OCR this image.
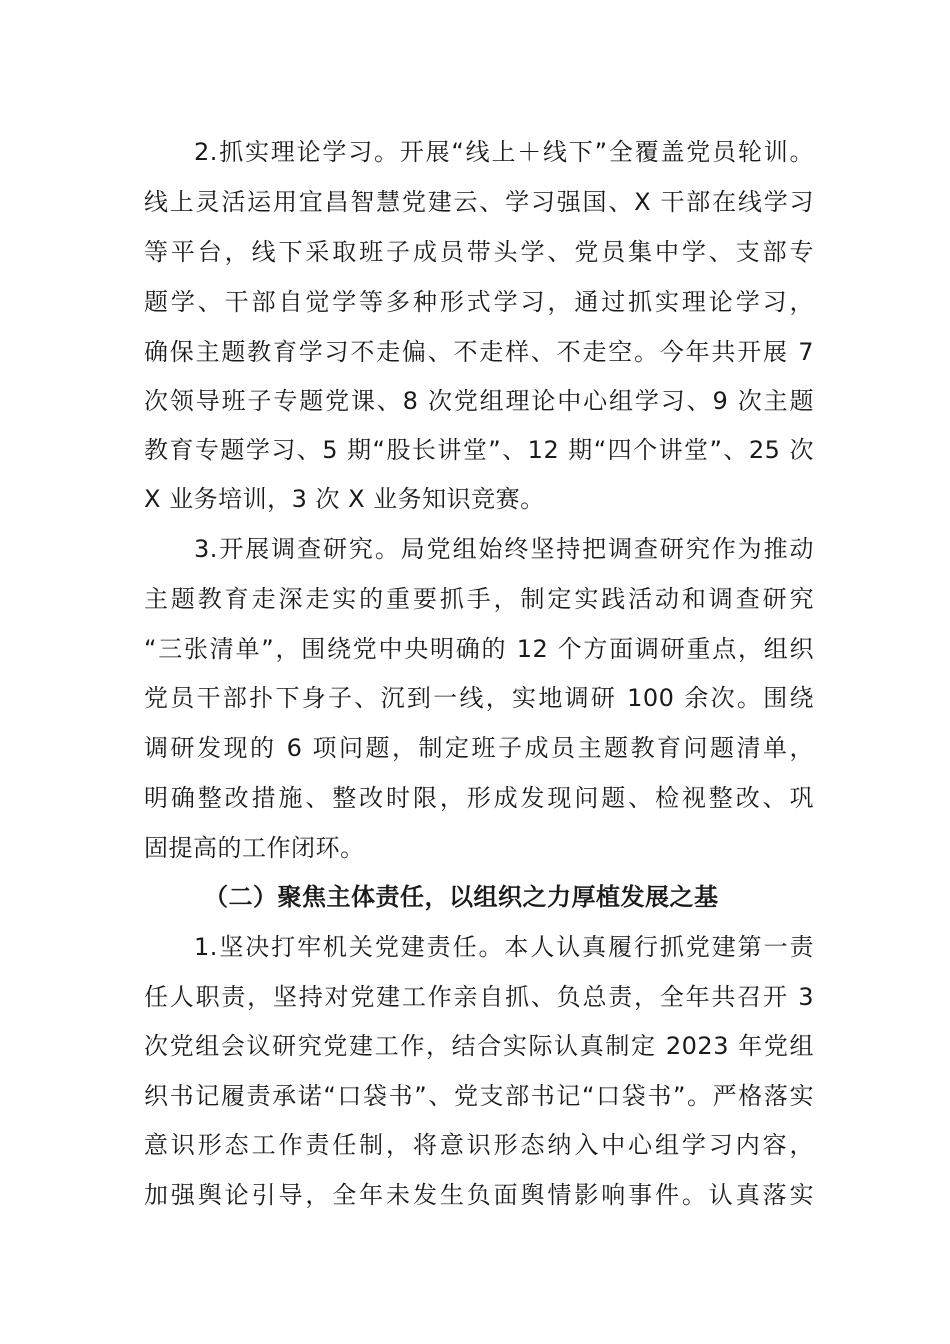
2.抓实理论学习。开展“线上＋线下”全覆盖党员轮训。
线上灵活运用宜昌智慧党建云、学习强国、X 干部在线学习
等平台，线下采取班子成员带头学、党员集中学、支部专
题学、干部自觉学等多种形式学习，通过抓实理论学习，
确保主题教育学习不走偏、不走样、不走空。今年共开展 7
次领导班子专题党课、8 次党组理论中心组学习、9 次主题
教育专题学习、5 期“股长讲堂”、12 期“四个讲堂”、25 次
X 业务培训，3 次 X 业务知识竞赛。
3.开展调查研究。局党组始终坚持把调查研究作为推动
主题教育走深走实的重要抓手，制定实践活动和调查研究
“三张清单”，围绕党中央明确的 12 个方面调研重点，组织
党员干部扑下身子、沉到一线，实地调研 100 余次。围绕
调研发现的 6 项问题，制定班子成员主题教育问题清单，
明确整改措施、整改时限，形成发现问题、检视整改、巩
固提高的工作闭环。
（二）聚焦主体责任，以组织之力厚植发展之基
1.坚决打牢机关党建责任。本人认真履行抓党建第一责
任人职责，坚持对党建工作亲自抓、负总责，全年共召开 3
次党组会议研究党建工作，结合实际认真制定 2023 年党组
织书记履责承诺“口袋书”、党支部书记“口袋书”。严格落实
意识形态工作责任制，将意识形态纳入中心组学习内容，
加强舆论引导，全年未发生负面舆情影响事件。认真落实
